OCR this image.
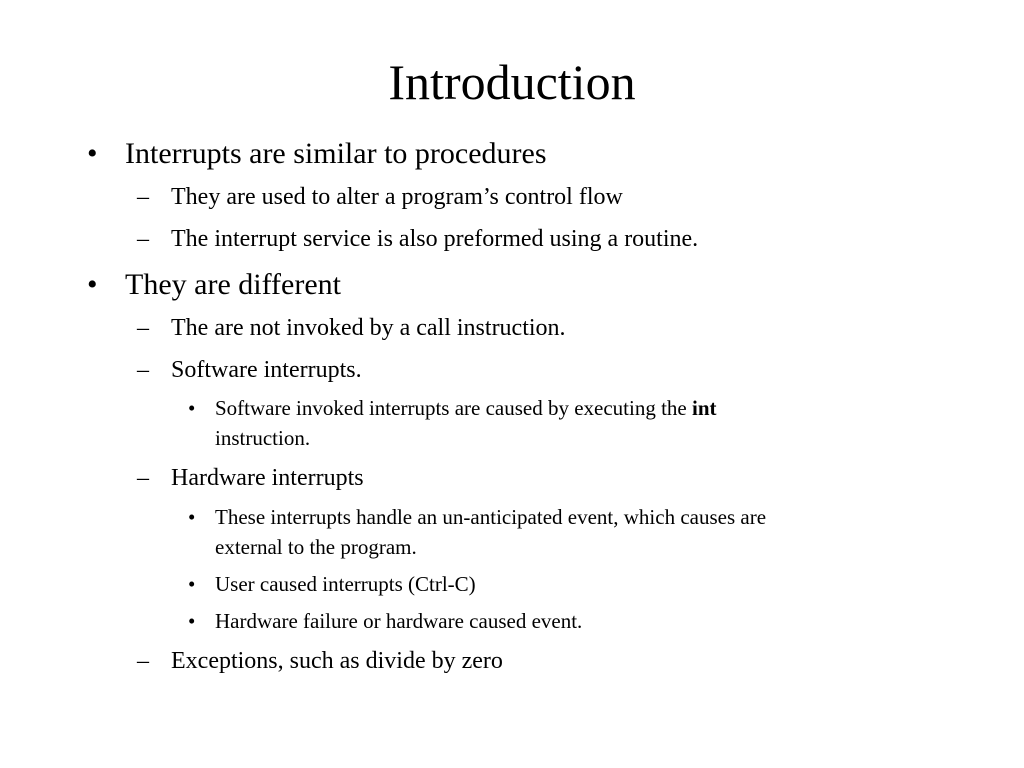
Introduction
• Interrupts are similar to procedures
– They are used to alter a program’s control flow
– The interrupt service is also preformed using a routine.
• They are different
– The are not invoked by a call instruction.
– Software interrupts.
• Software invoked interrupts are caused by executing the int
instruction.
– Hardware interrupts
• These interrupts handle an un-anticipated event, which causes are
external to the program.
• User caused interrupts (Ctrl-C)
• Hardware failure or hardware caused event.
– Exceptions, such as divide by zero
